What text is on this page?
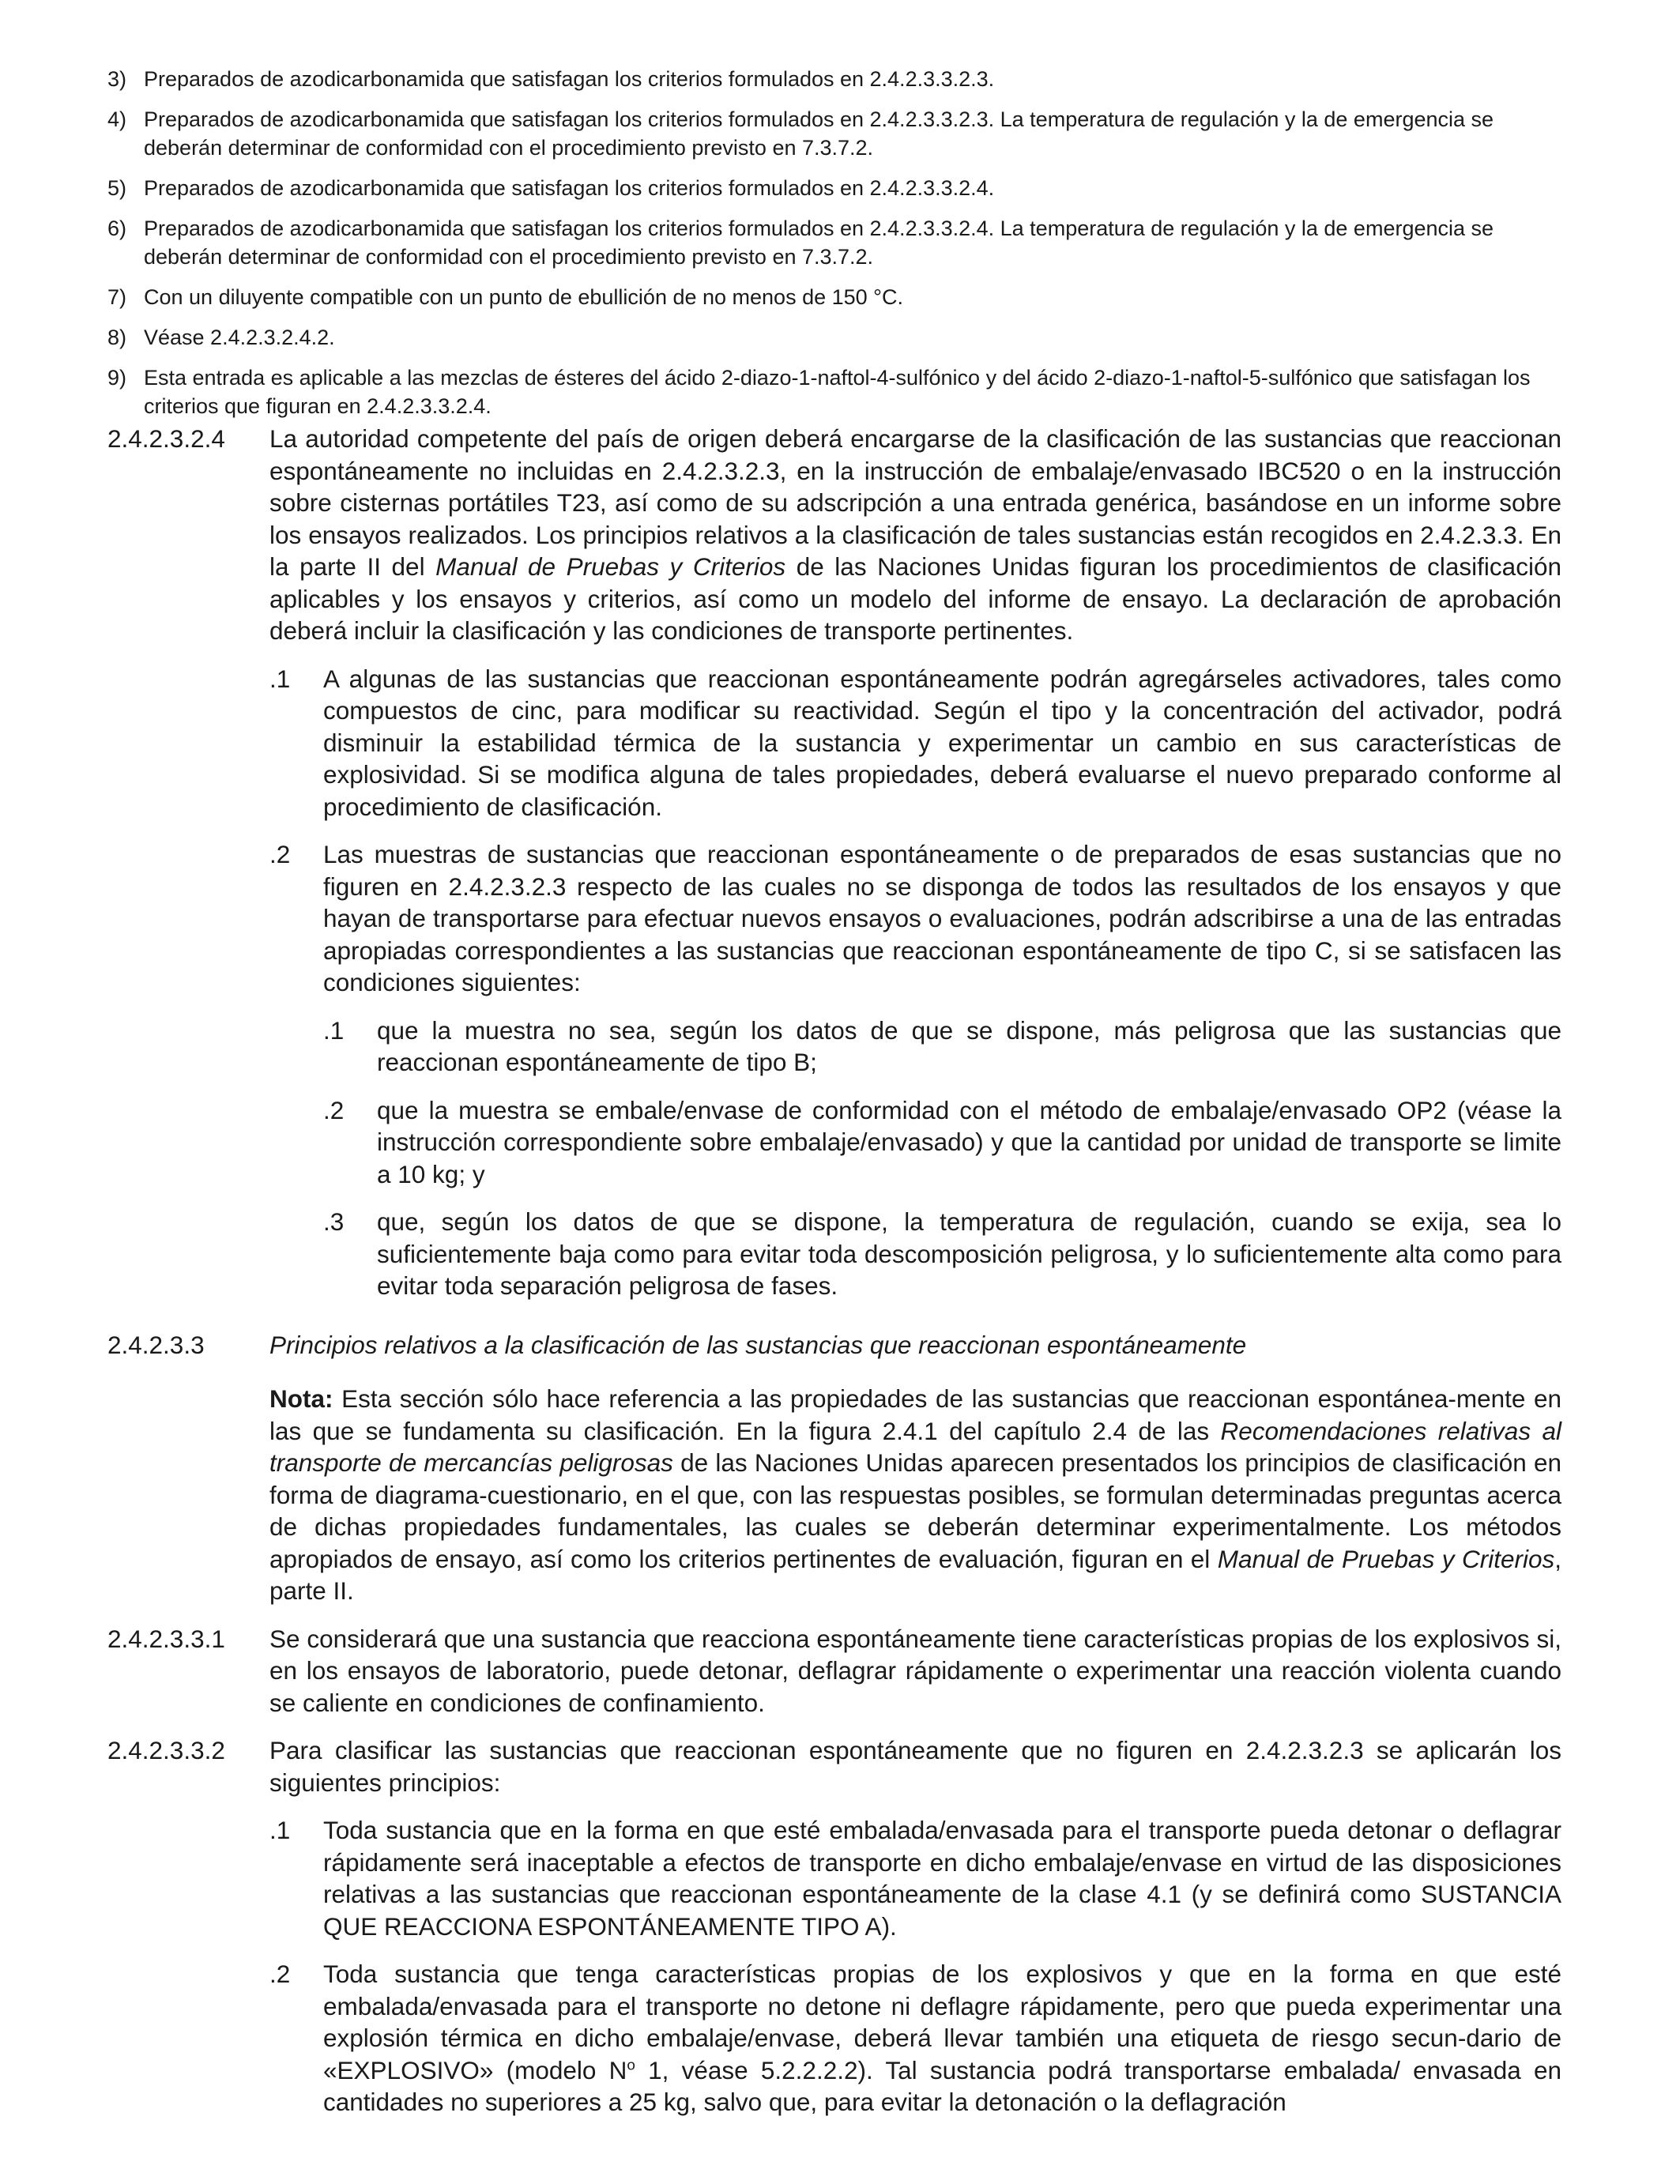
3) Preparados de azodicarbonamida que satisfagan los criterios formulados en 2.4.2.3.3.2.3.
4) Preparados de azodicarbonamida que satisfagan los criterios formulados en 2.4.2.3.3.2.3. La temperatura de regulación y la de emergencia se deberán determinar de conformidad con el procedimiento previsto en 7.3.7.2.
5) Preparados de azodicarbonamida que satisfagan los criterios formulados en 2.4.2.3.3.2.4.
6) Preparados de azodicarbonamida que satisfagan los criterios formulados en 2.4.2.3.3.2.4. La temperatura de regulación y la de emergencia se deberán determinar de conformidad con el procedimiento previsto en 7.3.7.2.
7) Con un diluyente compatible con un punto de ebullición de no menos de 150 °C.
8) Véase 2.4.2.3.2.4.2.
9) Esta entrada es aplicable a las mezclas de ésteres del ácido 2-diazo-1-naftol-4-sulfónico y del ácido 2-diazo-1-naftol-5-sulfónico que satisfagan los criterios que figuran en 2.4.2.3.3.2.4.
2.4.2.3.2.4	La autoridad competente del país de origen deberá encargarse de la clasificación de las sustancias que reaccionan espontáneamente no incluidas en 2.4.2.3.2.3, en la instrucción de embalaje/envasado IBC520 o en la instrucción sobre cisternas portátiles T23, así como de su adscripción a una entrada genérica, basándose en un informe sobre los ensayos realizados. Los principios relativos a la clasificación de tales sustancias están recogidos en 2.4.2.3.3. En la parte II del Manual de Pruebas y Criterios de las Naciones Unidas figuran los procedimientos de clasificación aplicables y los ensayos y criterios, así como un modelo del informe de ensayo. La declaración de aprobación deberá incluir la clasificación y las condiciones de transporte pertinentes.
.1	A algunas de las sustancias que reaccionan espontáneamente podrán agregárseles activadores, tales como compuestos de cinc, para modificar su reactividad. Según el tipo y la concentración del activador, podrá disminuir la estabilidad térmica de la sustancia y experimentar un cambio en sus características de explosividad. Si se modifica alguna de tales propiedades, deberá evaluarse el nuevo preparado conforme al procedimiento de clasificación.
.2	Las muestras de sustancias que reaccionan espontáneamente o de preparados de esas sustancias que no figuren en 2.4.2.3.2.3 respecto de las cuales no se disponga de todos las resultados de los ensayos y que hayan de transportarse para efectuar nuevos ensayos o evaluaciones, podrán adscribirse a una de las entradas apropiadas correspondientes a las sustancias que reaccionan espontáneamente de tipo C, si se satisfacen las condiciones siguientes:
.1	que la muestra no sea, según los datos de que se dispone, más peligrosa que las sustancias que reaccionan espontáneamente de tipo B;
.2	que la muestra se embale/envase de conformidad con el método de embalaje/envasado OP2 (véase la instrucción correspondiente sobre embalaje/envasado) y que la cantidad por unidad de transporte se limite a 10 kg; y
.3	que, según los datos de que se dispone, la temperatura de regulación, cuando se exija, sea lo suficientemente baja como para evitar toda descomposición peligrosa, y lo suficientemente alta como para evitar toda separación peligrosa de fases.
2.4.2.3.3	Principios relativos a la clasificación de las sustancias que reaccionan espontáneamente
Nota: Esta sección sólo hace referencia a las propiedades de las sustancias que reaccionan espontánea-mente en las que se fundamenta su clasificación. En la figura 2.4.1 del capítulo 2.4 de las Recomendaciones relativas al transporte de mercancías peligrosas de las Naciones Unidas aparecen presentados los principios de clasificación en forma de diagrama-cuestionario, en el que, con las respuestas posibles, se formulan determinadas preguntas acerca de dichas propiedades fundamentales, las cuales se deberán determinar experimentalmente. Los métodos apropiados de ensayo, así como los criterios pertinentes de evaluación, figuran en el Manual de Pruebas y Criterios, parte II.
2.4.2.3.3.1	Se considerará que una sustancia que reacciona espontáneamente tiene características propias de los explosivos si, en los ensayos de laboratorio, puede detonar, deflagrar rápidamente o experimentar una reacción violenta cuando se caliente en condiciones de confinamiento.
2.4.2.3.3.2	Para clasificar las sustancias que reaccionan espontáneamente que no figuren en 2.4.2.3.2.3 se aplicarán los siguientes principios:
.1	Toda sustancia que en la forma en que esté embalada/envasada para el transporte pueda detonar o deflagrar rápidamente será inaceptable a efectos de transporte en dicho embalaje/envase en virtud de las disposiciones relativas a las sustancias que reaccionan espontáneamente de la clase 4.1 (y se definirá como SUSTANCIA QUE REACCIONA ESPONTÁNEAMENTE TIPO A).
.2	Toda sustancia que tenga características propias de los explosivos y que en la forma en que esté embalada/envasada para el transporte no detone ni deflagre rápidamente, pero que pueda experimentar una explosión térmica en dicho embalaje/envase, deberá llevar también una etiqueta de riesgo secun-dario de «EXPLOSIVO» (modelo $N^o$ 1, véase 5.2.2.2.2). Tal sustancia podrá transportarse embalada/ envasada en cantidades no superiores a 25 kg, salvo que, para evitar la detonación o la deflagración
